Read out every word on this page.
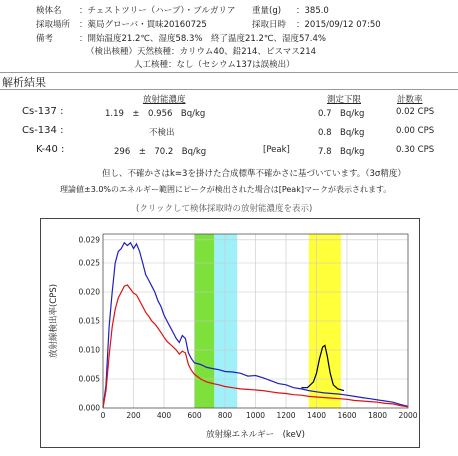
検体名 ：チェストツリー（ハーブ）・ブルガリア 重量(g) ：385.0
採取場所 ：薬局グローバ・貫味20160725	採取日時 ：2015/09/12 07:50
備考	：開始温度21.2℃、湿度58.3%　終了温度21.2℃、湿度57.4%
（検出核種）天然核種：カリウム40、鉛214、ビスマス214
人工核種：なし（セシウム137は誤検出）
解析結果
放射能濃度	測定下限	計数率
Cs-137 :	1.19　±　0.956　Bq/kg	0.7　Bq/kg	0.02 CPS
Cs-134 :	不検出	0.8　Bq/kg	0.00 CPS
K-40 :	296　±　70.2　Bq/kg	[Peak]	7.8　Bq/kg	0.30 CPS
但し、不確かさはk=3を掛けた合成標準不確かさに基づいています。（3σ精度）
理論値±3.0%のエネルギー範囲にピークが検出された場合は[Peak]マークが表示されます。
(クリックして検体採取時の放射能濃度を表示)
0	200 400 600 800 1000 1200 1400 1600 1800 2000
0.000
0.005
0.010
0.015
0.020
0.025
0.029
放射線エネルギー　(keV)
放射線検出率(CPS)
